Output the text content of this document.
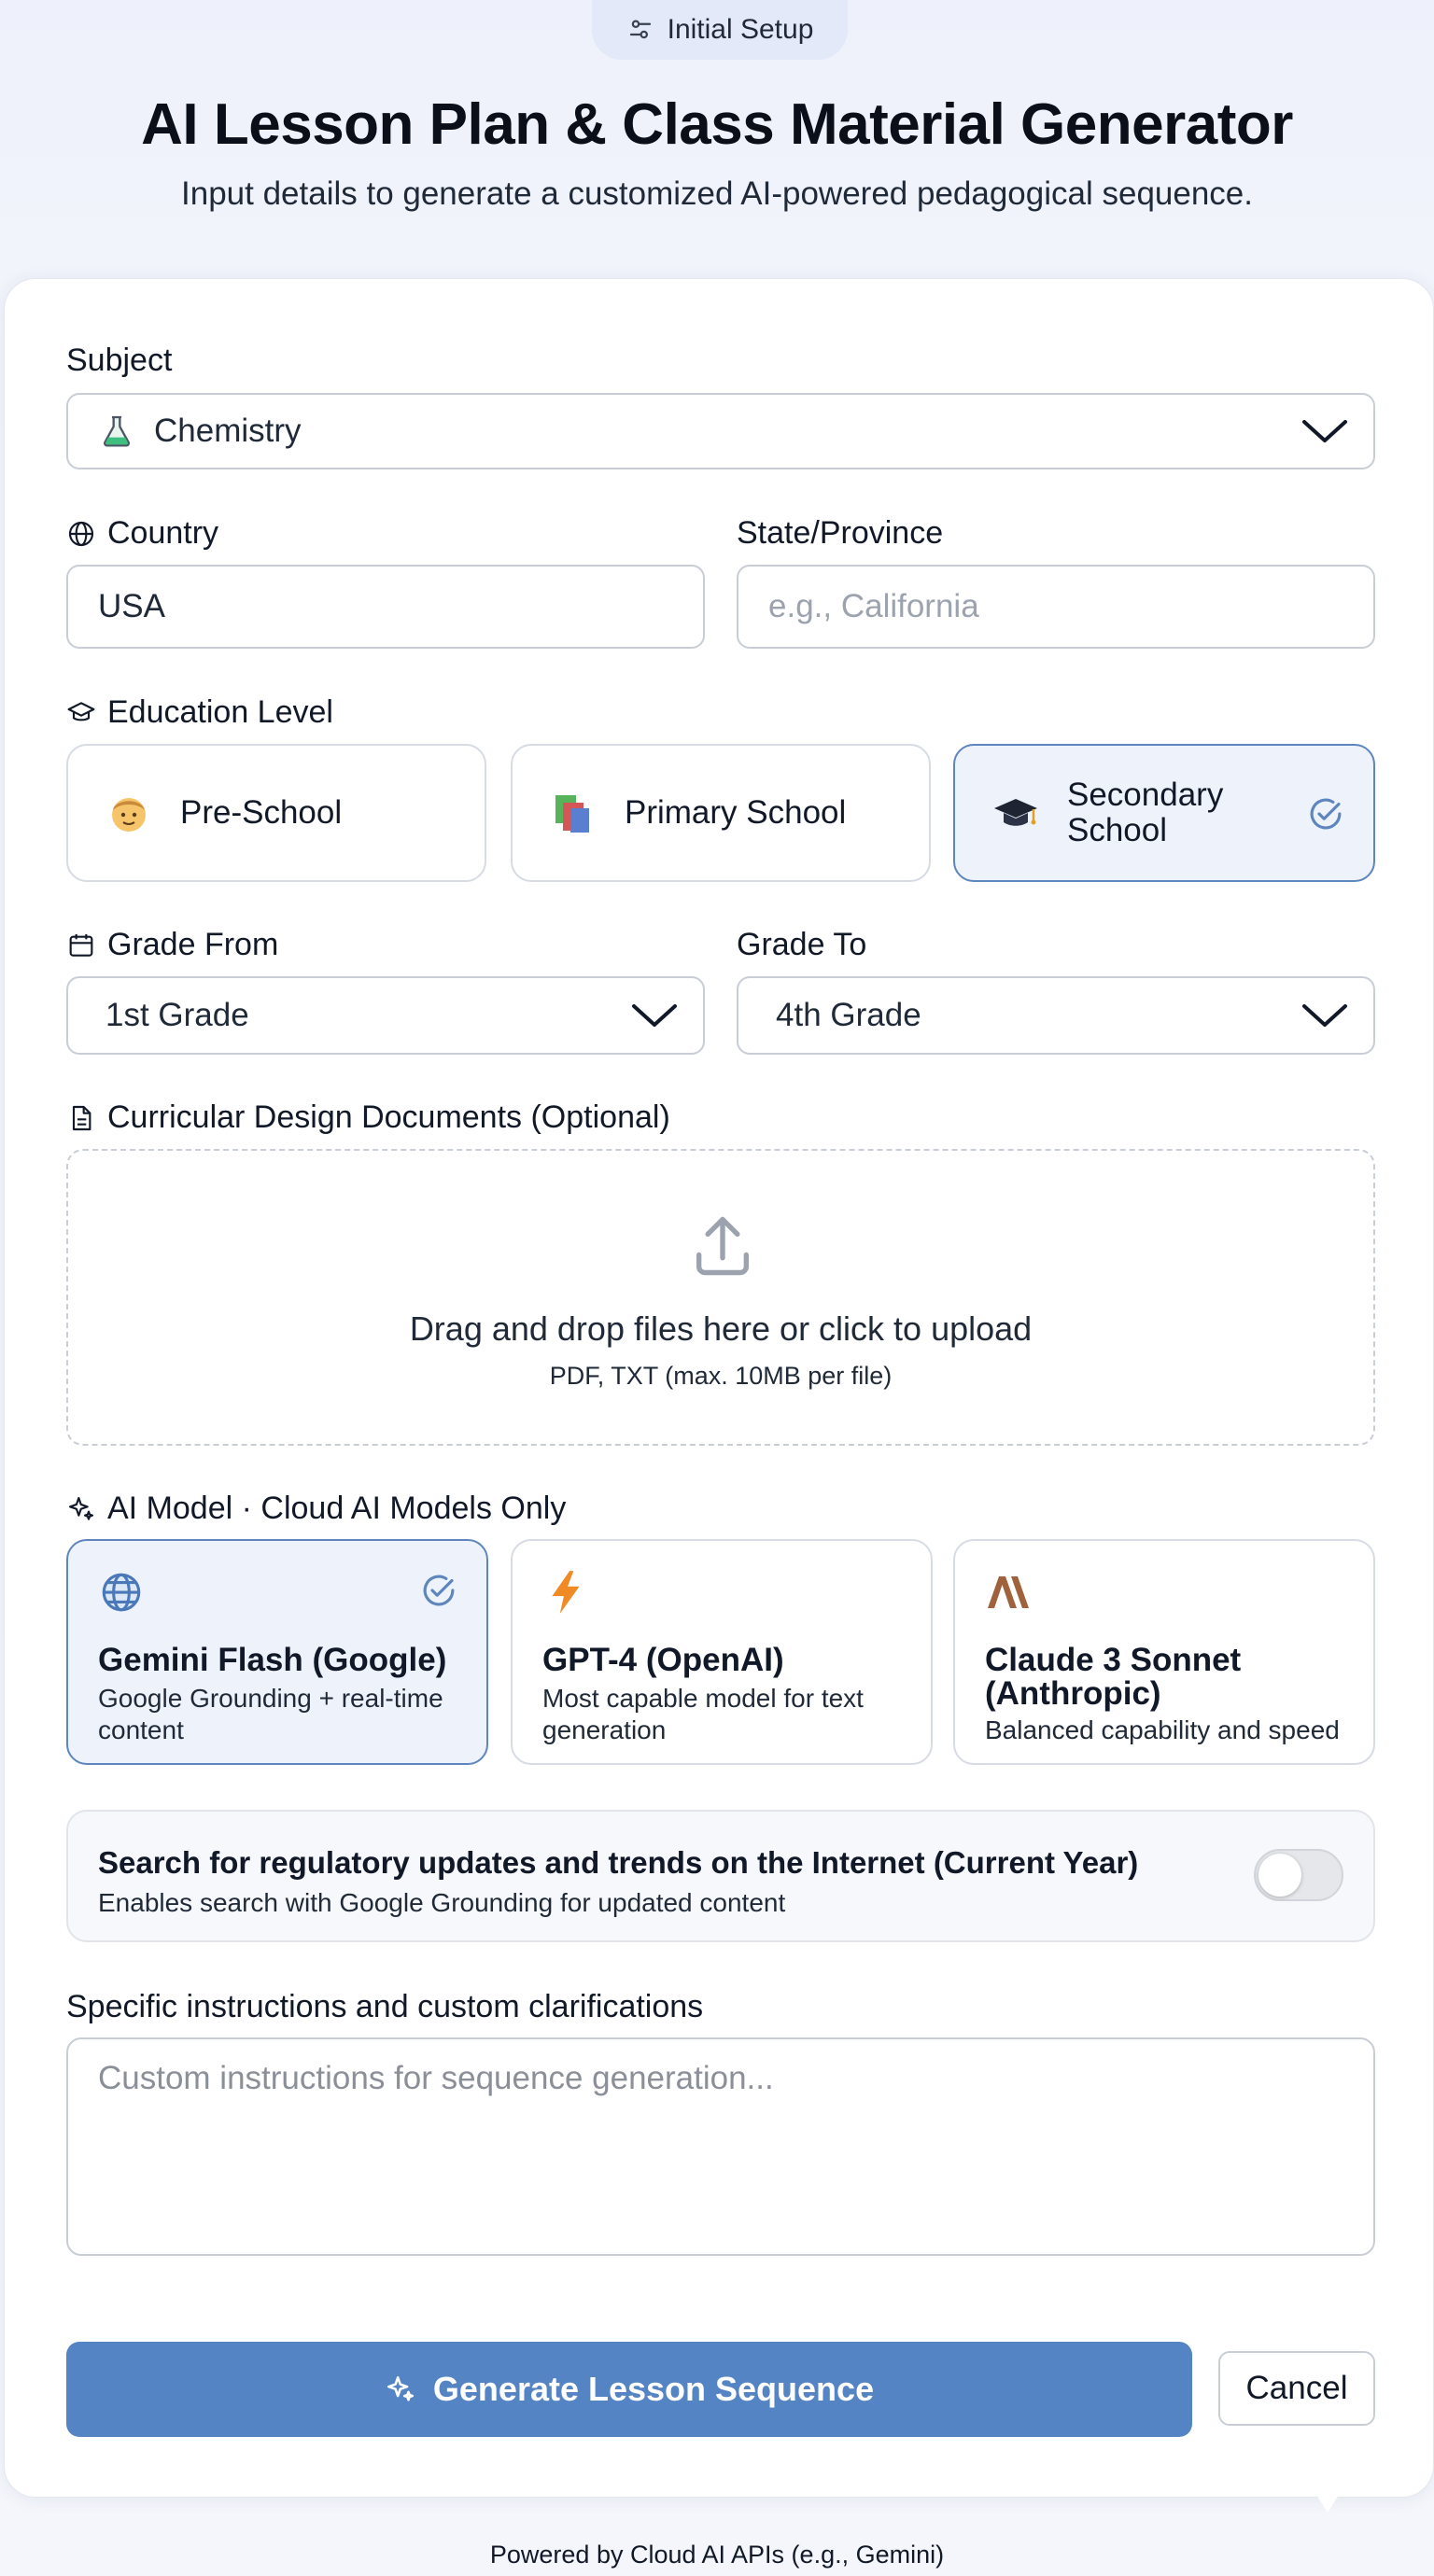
Initial Setup
AI Lesson Plan & Class Material Generator
Input details to generate a customized AI-powered pedagogical sequence.
Subject
Chemistry
Country
USA	State/Province
e.g., California
Education Level
Pre-School	Primary School	Secondary School
Grade From
1st Grade
Grade To
4th Grade
Curricular Design Documents (Optional)
Drag and drop files here or click to upload
PDF, TXT (max. 10MB per file)
AI Model · Cloud AI Models Only
Gemini Flash (Google)
Google Grounding + real-time content
GPT-4 (OpenAI)
Most capable model for text generation
Claude 3 Sonnet (Anthropic)
Balanced capability and speed
Search for regulatory updates and trends on the Internet (Current Year)
Enables search with Google Grounding for updated content
Specific instructions and custom clarifications
Custom instructions for sequence generation...
Generate Lesson Sequence	Cancel
Powered by Cloud AI APIs (e.g., Gemini)
